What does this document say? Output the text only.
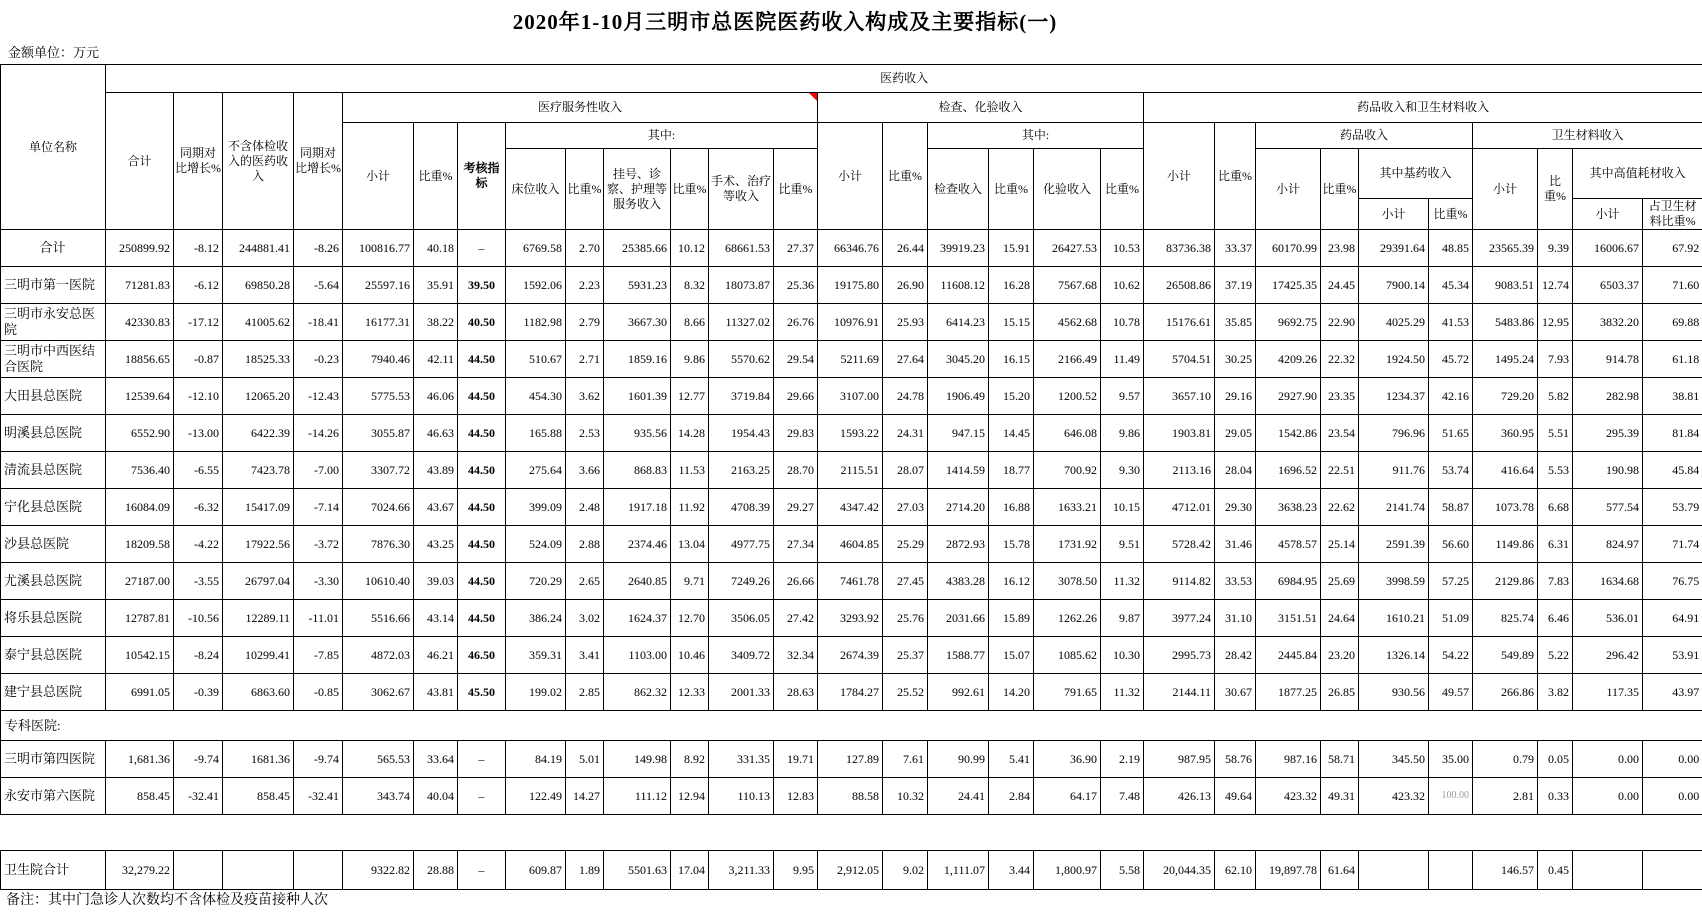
2020年1-10月三明市总医院医药收入构成及主要指标(一)
金额单位：万元
单位名称	医药收入																												
	合计	同期对比增长%	不含体检收入的医药收入	同期对比增长%	医疗服务性收入									检查、化验收入						药品收入和卫生材料收入									
					小计	比重%	考核指标	其中:						小计	比重%	其中:				小计	比重%	药品收入				卫生材料收入			
								床位收入	比重%	挂号、诊察、护理等服务收入	比重%	手术、治疗等收入	比重%			检查收入	比重%	化验收入	比重%			小计	比重%	其中基药收入		小计	比重%	其中高值耗材收入	
																								小计	比重%			小计	占卫生材料比重%
合计	250899.92	-8.12	244881.41	-8.26	100816.77	40.18	–	6769.58	2.70	25385.66	10.12	68661.53	27.37	66346.76	26.44	39919.23	15.91	26427.53	10.53	83736.38	33.37	60170.99	23.98	29391.64	48.85	23565.39	9.39	16006.67	67.92
三明市第一医院	71281.83	-6.12	69850.28	-5.64	25597.16	35.91	39.50	1592.06	2.23	5931.23	8.32	18073.87	25.36	19175.80	26.90	11608.12	16.28	7567.68	10.62	26508.86	37.19	17425.35	24.45	7900.14	45.34	9083.51	12.74	6503.37	71.60
三明市永安总医院	42330.83	-17.12	41005.62	-18.41	16177.31	38.22	40.50	1182.98	2.79	3667.30	8.66	11327.02	26.76	10976.91	25.93	6414.23	15.15	4562.68	10.78	15176.61	35.85	9692.75	22.90	4025.29	41.53	5483.86	12.95	3832.20	69.88
三明市中西医结合医院	18856.65	-0.87	18525.33	-0.23	7940.46	42.11	44.50	510.67	2.71	1859.16	9.86	5570.62	29.54	5211.69	27.64	3045.20	16.15	2166.49	11.49	5704.51	30.25	4209.26	22.32	1924.50	45.72	1495.24	7.93	914.78	61.18
大田县总医院	12539.64	-12.10	12065.20	-12.43	5775.53	46.06	44.50	454.30	3.62	1601.39	12.77	3719.84	29.66	3107.00	24.78	1906.49	15.20	1200.52	9.57	3657.10	29.16	2927.90	23.35	1234.37	42.16	729.20	5.82	282.98	38.81
明溪县总医院	6552.90	-13.00	6422.39	-14.26	3055.87	46.63	44.50	165.88	2.53	935.56	14.28	1954.43	29.83	1593.22	24.31	947.15	14.45	646.08	9.86	1903.81	29.05	1542.86	23.54	796.96	51.65	360.95	5.51	295.39	81.84
清流县总医院	7536.40	-6.55	7423.78	-7.00	3307.72	43.89	44.50	275.64	3.66	868.83	11.53	2163.25	28.70	2115.51	28.07	1414.59	18.77	700.92	9.30	2113.16	28.04	1696.52	22.51	911.76	53.74	416.64	5.53	190.98	45.84
宁化县总医院	16084.09	-6.32	15417.09	-7.14	7024.66	43.67	44.50	399.09	2.48	1917.18	11.92	4708.39	29.27	4347.42	27.03	2714.20	16.88	1633.21	10.15	4712.01	29.30	3638.23	22.62	2141.74	58.87	1073.78	6.68	577.54	53.79
沙县总医院	18209.58	-4.22	17922.56	-3.72	7876.30	43.25	44.50	524.09	2.88	2374.46	13.04	4977.75	27.34	4604.85	25.29	2872.93	15.78	1731.92	9.51	5728.42	31.46	4578.57	25.14	2591.39	56.60	1149.86	6.31	824.97	71.74
尤溪县总医院	27187.00	-3.55	26797.04	-3.30	10610.40	39.03	44.50	720.29	2.65	2640.85	9.71	7249.26	26.66	7461.78	27.45	4383.28	16.12	3078.50	11.32	9114.82	33.53	6984.95	25.69	3998.59	57.25	2129.86	7.83	1634.68	76.75
将乐县总医院	12787.81	-10.56	12289.11	-11.01	5516.66	43.14	44.50	386.24	3.02	1624.37	12.70	3506.05	27.42	3293.92	25.76	2031.66	15.89	1262.26	9.87	3977.24	31.10	3151.51	24.64	1610.21	51.09	825.74	6.46	536.01	64.91
泰宁县总医院	10542.15	-8.24	10299.41	-7.85	4872.03	46.21	46.50	359.31	3.41	1103.00	10.46	3409.72	32.34	2674.39	25.37	1588.77	15.07	1085.62	10.30	2995.73	28.42	2445.84	23.20	1326.14	54.22	549.89	5.22	296.42	53.91
建宁县总医院	6991.05	-0.39	6863.60	-0.85	3062.67	43.81	45.50	199.02	2.85	862.32	12.33	2001.33	28.63	1784.27	25.52	992.61	14.20	791.65	11.32	2144.11	30.67	1877.25	26.85	930.56	49.57	266.86	3.82	117.35	43.97
专科医院:																													
三明市第四医院	1,681.36	-9.74	1681.36	-9.74	565.53	33.64	–	84.19	5.01	149.98	8.92	331.35	19.71	127.89	7.61	90.99	5.41	36.90	2.19	987.95	58.76	987.16	58.71	345.50	35.00	0.79	0.05	0.00	0.00
永安市第六医院	858.45	-32.41	858.45	-32.41	343.74	40.04	–	122.49	14.27	111.12	12.94	110.13	12.83	88.58	10.32	24.41	2.84	64.17	7.48	426.13	49.64	423.32	49.31	423.32	100.00	2.81	0.33	0.00	0.00

卫生院合计	32,279.22				9322.82	28.88	–	609.87	1.89	5501.63	17.04	3,211.33	9.95	2,912.05	9.02	1,111.07	3.44	1,800.97	5.58	20,044.35	62.10	19,897.78	61.64			146.57	0.45		
备注：其中门急诊人次数均不含体检及疫苗接种人次
